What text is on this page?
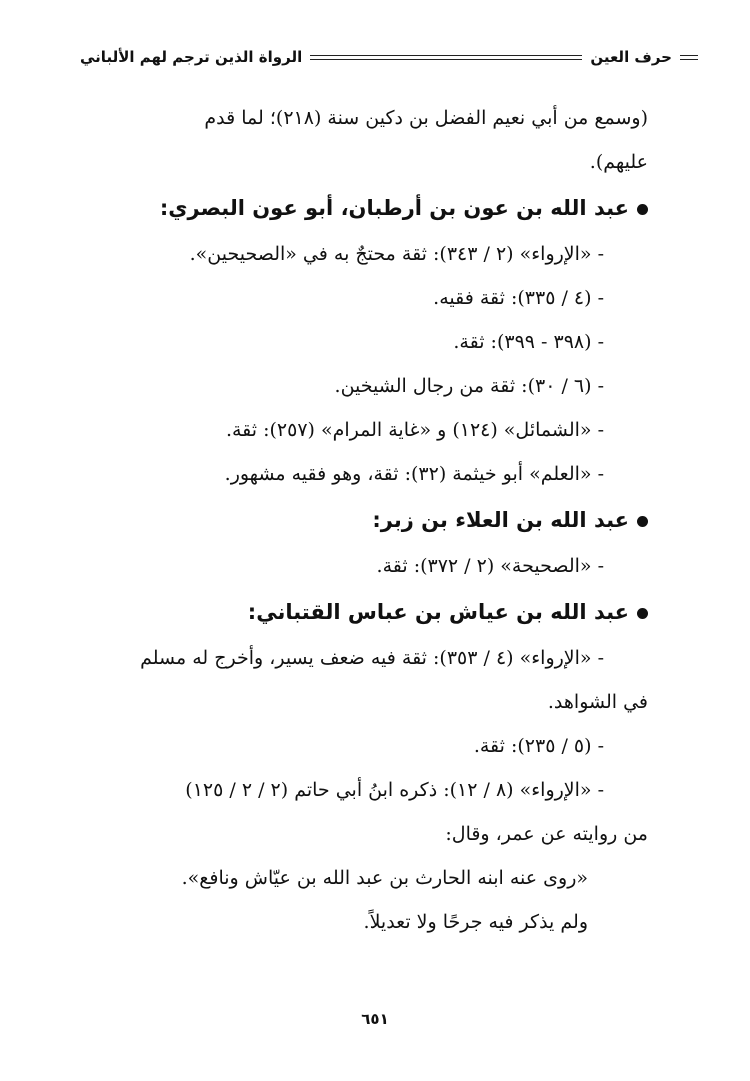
حرف العين
الرواة الذين ترجم لهم الألباني

(وسمع من أبي نعيم الفضل بن دكين سنة (٢١٨)؛ لما قدم

عليهم).

عبد الله بن عون بن أرطبان، أبو عون البصري:

- «الإرواء» (٢ / ٣٤٣): ثقة محتجٌ به في «الصحيحين».

- (٤ / ٣٣٥): ثقة فقيه.

- (٣٩٨ - ٣٩٩): ثقة.

- (٦ / ٣٠): ثقة من رجال الشيخين.

- «الشمائل» (١٢٤) و «غاية المرام» (٢٥٧): ثقة.

- «العلم» أبو خيثمة (٣٢): ثقة، وهو فقيه مشهور.

عبد الله بن العلاء بن زبر:

- «الصحيحة» (٢ / ٣٧٢): ثقة.

عبد الله بن عياش بن عباس القتباني:

- «الإرواء» (٤ / ٣٥٣): ثقة فيه ضعف يسير، وأخرج له مسلم

في الشواهد.

- (٥ / ٢٣٥): ثقة.

- «الإرواء» (٨ / ١٢): ذكره ابنُ أبي حاتم (٢ / ٢ / ١٢٥)

من روايته عن عمر، وقال:

«روى عنه ابنه الحارث بن عبد الله بن عيّاش ونافع».

ولم يذكر فيه جرحًا ولا تعديلاً.

٦٥١
